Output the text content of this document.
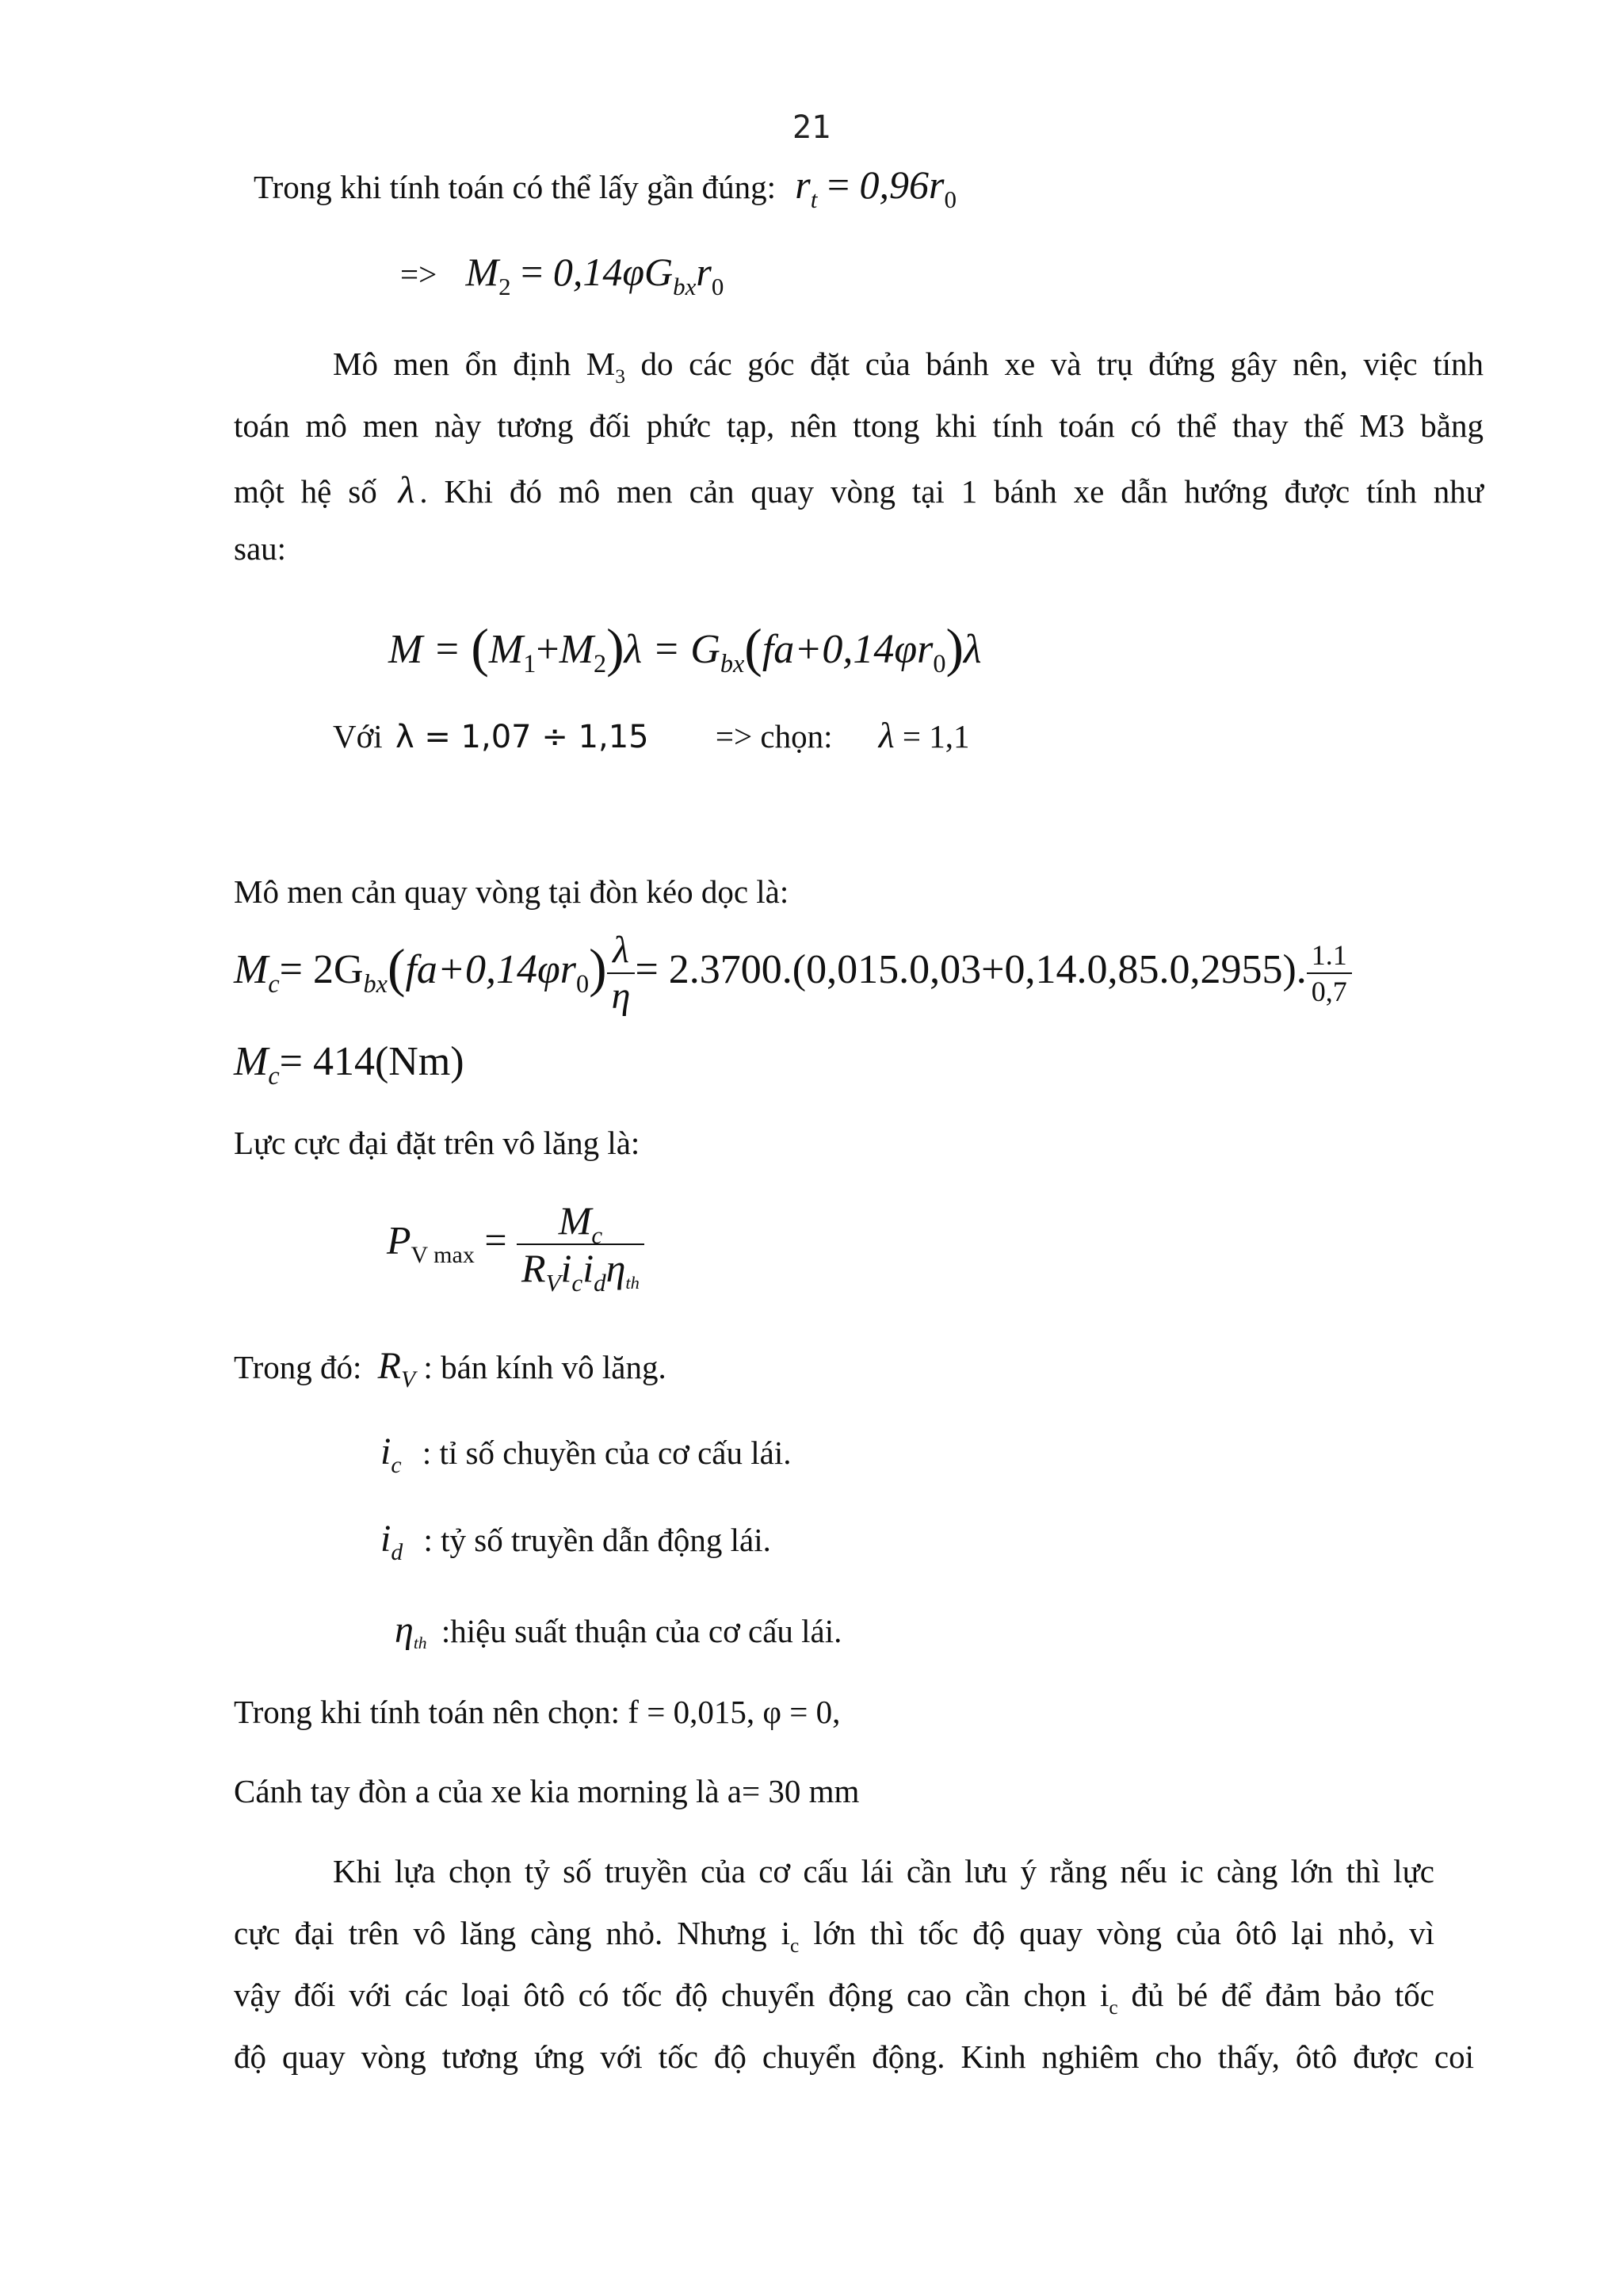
21
Trong khi tính toán có thể lấy gần đúng: $r_t = 0,96r_0$
=> $M_2 = 0,14\varphi G_{bx}r_0$
Mô men ổn định $M_3$ do các góc đặt của bánh xe và trụ đứng gây nên, việc tính
toán mô men này tương đối phức tạp, nên ttong khi tính toán có thể thay thế M3 bằng
một hệ số λ . Khi đó mô men cản quay vòng tại 1 bánh xe dẫn hướng được tính như
sau:
$M = (M_1+M_2)\lambda = G_{bx}(fa+0,14\varphi r_0)\lambda$
Với λ = 1,07 ÷ 1,15 => chọn: λ = 1,1
Mô men cản quay vòng tại đòn kéo dọc là:
$M_c= 2G_{bx}(fa+0,14\varphi r_0) \frac{\lambda}{\eta} = 2.3700.(0,015.0,03+0,14.0,85.0,2955)$. $\frac{1.1}{0,7}$
$M_c= 414(Nm)$
Lực cực đại đặt trên vô lăng là:
$P_{V max} = \frac{M_c}{R_Vi_ci_d\eta th}$
Trong đó: $R_V$ : bán kính vô lăng.
$i_c$ : tỉ số chuyền của cơ cấu lái.
$i_d$ : tỷ số truyền dẫn động lái.
ηth :hiệu suất thuận của cơ cấu lái.
Trong khi tính toán nên chọn: f = 0,015, φ = 0,
Cánh tay đòn a của xe kia morning là a= 30 mm
Khi lựa chọn tỷ số truyền của cơ cấu lái cần lưu ý rằng nếu ic càng lớn thì lực
cực đại trên vô lăng càng nhỏ. Nhưng $i_c$ lớn thì tốc độ quay vòng của ôtô lại nhỏ, vì
vậy đối với các loại ôtô có tốc độ chuyển động cao cần chọn $i_c$ đủ bé để đảm bảo tốc
độ quay vòng tương ứng với tốc độ chuyển động. Kinh nghiêm cho thấy, ôtô được coi
